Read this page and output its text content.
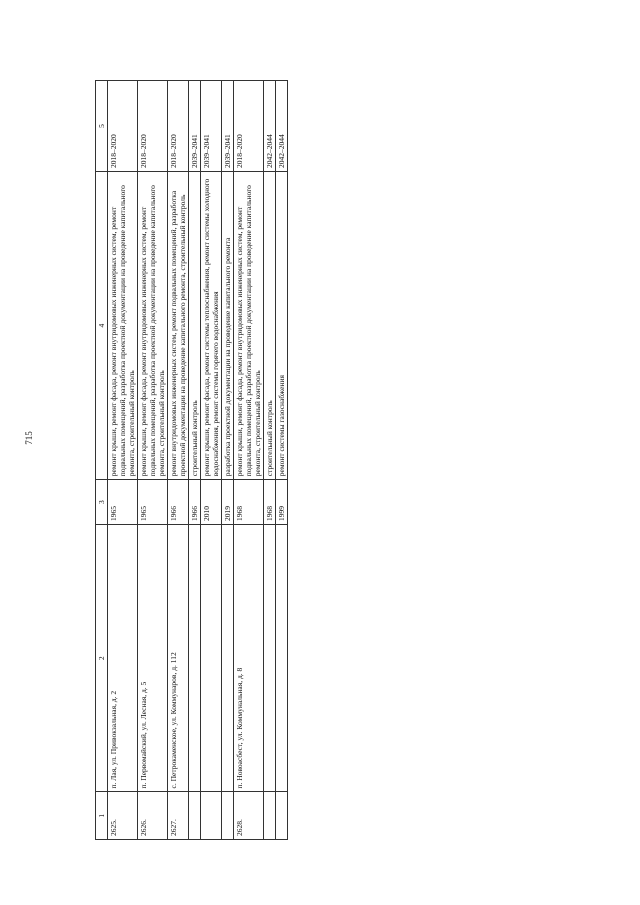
715
1	2	3	4	5
2625.	п. Лая, ул. Привокзальная, д. 2	1965	ремонт крыши, ремонт фасада, ремонт внутридомовых инженерных систем, ремонт подвальных помещений, разработка проектной документации на проведение капитального ремонта, строительный контроль	2018–2020
2626.	п. Первомайский, ул. Лесная, д. 5	1965	ремонт крыши, ремонт фасада, ремонт внутридомовых инженерных систем, ремонт подвальных помещений, разработка проектной документации на проведение капитального ремонта, строительный контроль	2018–2020
2627.	с. Петрокаменское, ул. Коммунаров, д. 112	1966	ремонт внутридомовых инженерных систем, ремонт подвальных помещений, разработка проектной документации на проведение капитального ремонта, строительный контроль	2018–2020
		1966	строительный контроль	2039–2041
		2010	ремонт крыши, ремонт фасада, ремонт системы теплоснабжения, ремонт системы холодного водоснабжения, ремонт системы горячего водоснабжения	2039–2041
		2019	разработка проектной документации на проведение капитального ремонта	2039–2041
2628.	п. Новоасбест, ул. Коммунальная, д. 8	1968	ремонт крыши, ремонт фасада, ремонт внутридомовых инженерных систем, ремонт подвальных помещений, разработка проектной документации на проведение капитального ремонта, строительный контроль	2018–2020
		1968	строительный контроль	2042–2044
		1999	ремонт системы газоснабжения	2042–2044
